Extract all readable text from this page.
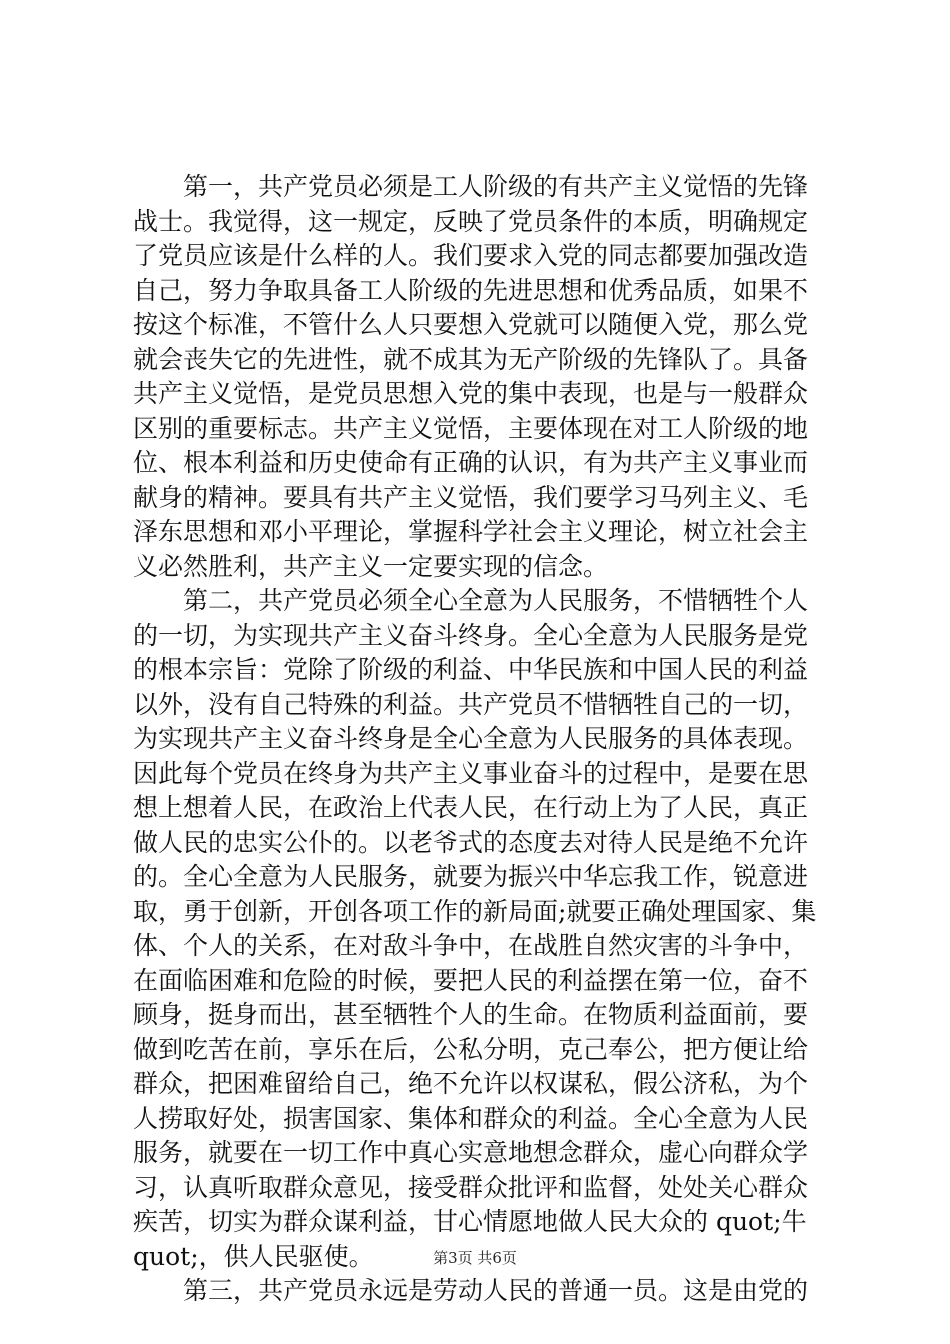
第一，共产党员必须是工人阶级的有共产主义觉悟的先锋
战士。我觉得，这一规定，反映了党员条件的本质，明确规定
了党员应该是什么样的人。我们要求入党的同志都要加强改造
自己，努力争取具备工人阶级的先进思想和优秀品质，如果不
按这个标准，不管什么人只要想入党就可以随便入党，那么党
就会丧失它的先进性，就不成其为无产阶级的先锋队了。具备
共产主义觉悟，是党员思想入党的集中表现，也是与一般群众
区别的重要标志。共产主义觉悟，主要体现在对工人阶级的地
位、根本利益和历史使命有正确的认识，有为共产主义事业而
献身的精神。要具有共产主义觉悟，我们要学习马列主义、毛
泽东思想和邓小平理论，掌握科学社会主义理论，树立社会主
义必然胜利，共产主义一定要实现的信念。
第二，共产党员必须全心全意为人民服务，不惜牺牲个人
的一切，为实现共产主义奋斗终身。全心全意为人民服务是党
的根本宗旨：党除了阶级的利益、中华民族和中国人民的利益
以外，没有自己特殊的利益。共产党员不惜牺牲自己的一切，
为实现共产主义奋斗终身是全心全意为人民服务的具体表现。
因此每个党员在终身为共产主义事业奋斗的过程中，是要在思
想上想着人民，在政治上代表人民，在行动上为了人民，真正
做人民的忠实公仆的。以老爷式的态度去对待人民是绝不允许
的。全心全意为人民服务，就要为振兴中华忘我工作，锐意进
取，勇于创新，开创各项工作的新局面;就要正确处理国家、集
体、个人的关系，在对敌斗争中，在战胜自然灾害的斗争中，
在面临困难和危险的时候，要把人民的利益摆在第一位，奋不
顾身，挺身而出，甚至牺牲个人的生命。在物质利益面前，要
做到吃苦在前，享乐在后，公私分明，克己奉公，把方便让给
群众，把困难留给自己，绝不允许以权谋私，假公济私，为个
人捞取好处，损害国家、集体和群众的利益。全心全意为人民
服务，就要在一切工作中真心实意地想念群众，虚心向群众学
习，认真听取群众意见，接受群众批评和监督，处处关心群众
疾苦，切实为群众谋利益，甘心情愿地做人民大众的 quot;牛
quot;，供人民驱使。
第三，共产党员永远是劳动人民的普通一员。这是由党的
第3页 共6页
